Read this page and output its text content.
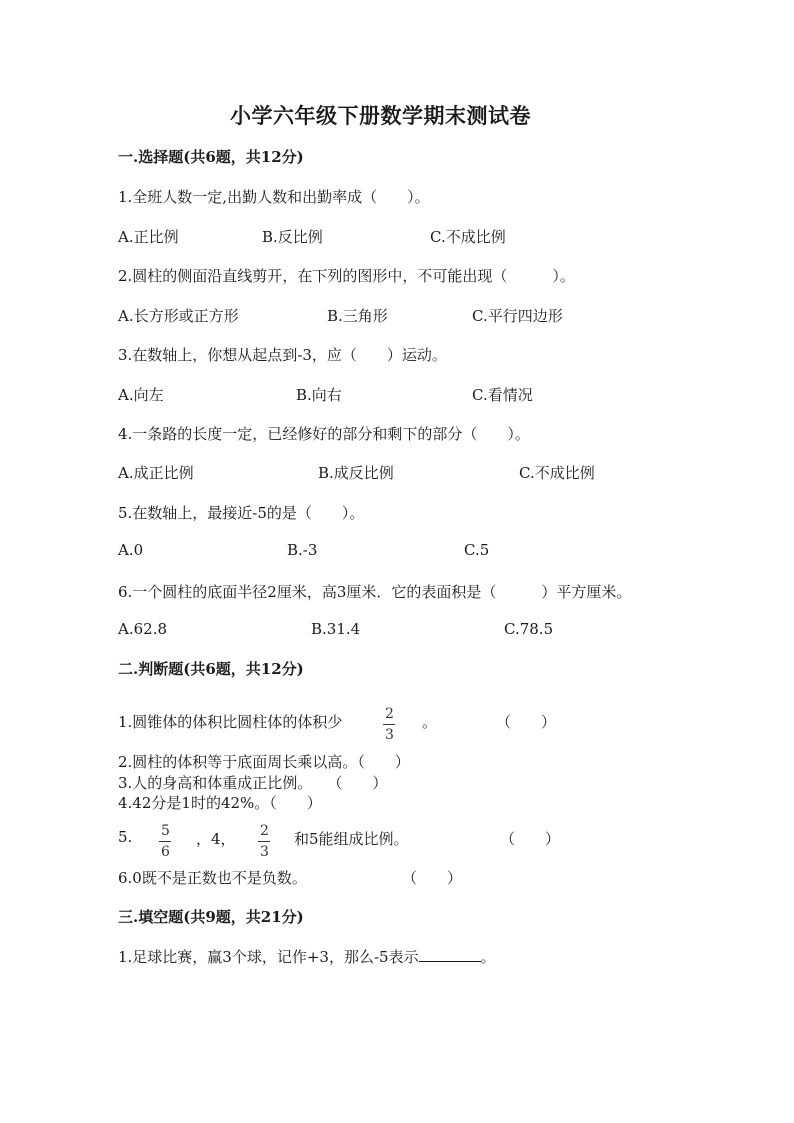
小学六年级下册数学期末测试卷
一.选择题(共6题，共12分)
1.全班人数一定,出勤人数和出勤率成（　　）。
A.正比例	B.反比例	C.不成比例
2.圆柱的侧面沿直线剪开，在下列的图形中，不可能出现（　　　）。
A.长方形或正方形	B.三角形	C.平行四边形
3.在数轴上，你想从起点到-3，应（　　）运动。
A.向左	B.向右	C.看情况
4.一条路的长度一定，已经修好的部分和剩下的部分（　　）。
A.成正比例	B.成反比例	C.不成比例
5.在数轴上，最接近-5的是（　　）。
A.0	B.-3	C.5
6.一个圆柱的底面半径2厘米，高3厘米．它的表面积是（　　　）平方厘米。
A.62.8	B.31.4	C.78.5
二.判断题(共6题，共12分)
1.圆锥体的体积比圆柱体的体积少	2
3
。	（　　）
2.圆柱的体积等于底面周长乘以高。（　　）
3.人的身高和体重成正比例。　　（　　）
4.42分是1时的42%。（　　）
5. 5
6
，4， 2
3
和5能组成比例。	（　　）
6.0既不是正数也不是负数。	（　　）
三.填空题(共9题，共21分)
1.足球比赛，赢3个球，记作+3，那么-5表示	。
